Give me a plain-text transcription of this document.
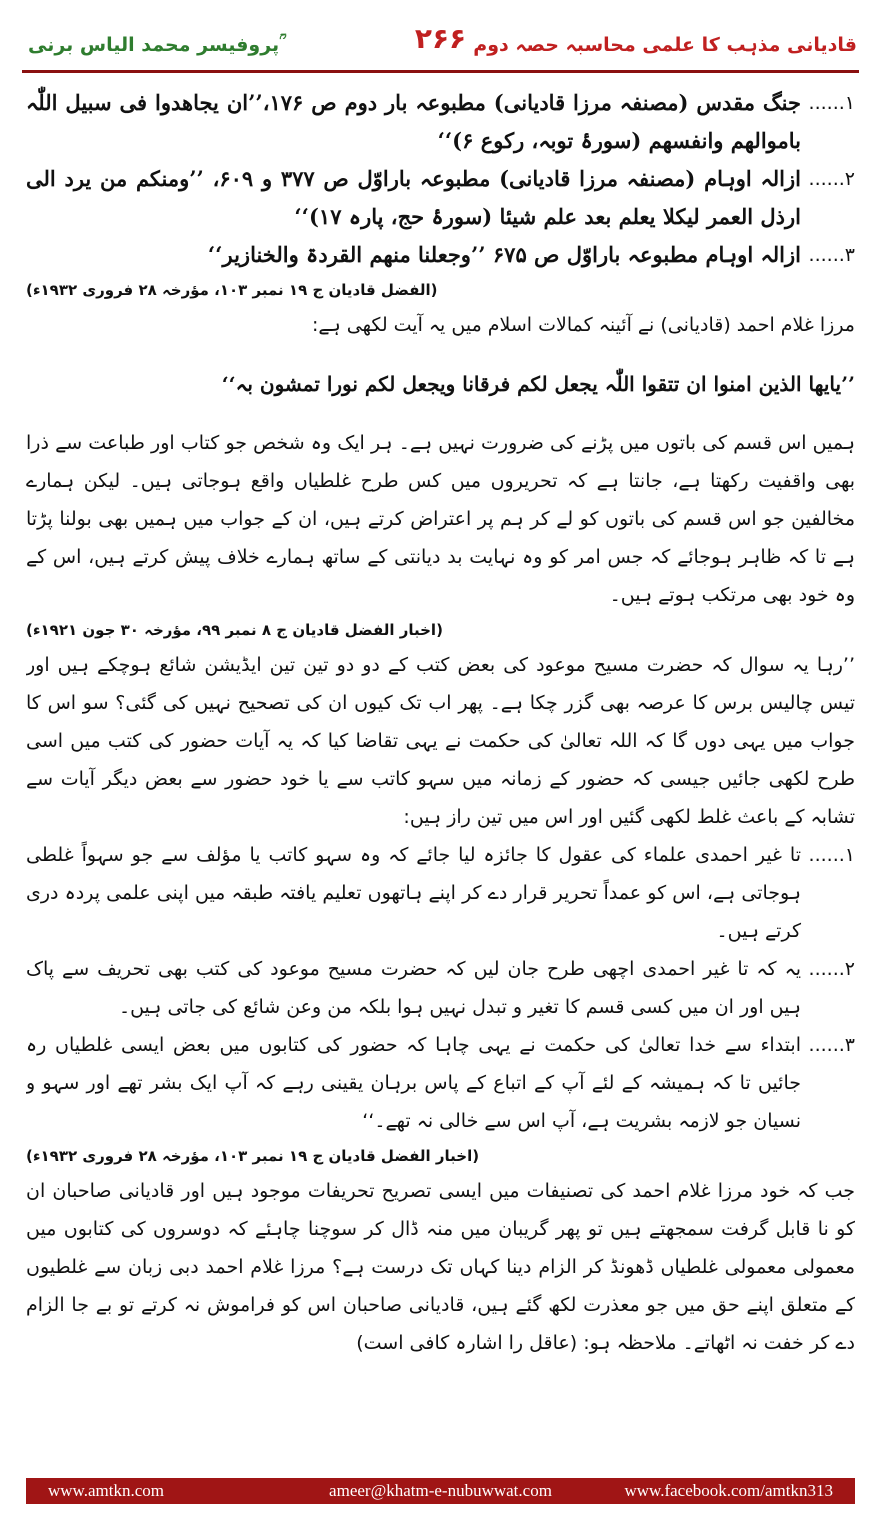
پروفیسر محمد الیاس برنی ؒ	۲۶۶ قادیانی مذہب کا علمی محاسبہ حصہ دوم
۱......
جنگ مقدس (مصنفہ مرزا قادیانی) مطبوعہ بار دوم ص ۱۷۶،’’ان یجاھدوا فی سبیل اللّٰہ باموالھم وانفسھم (سورۂ توبہ، رکوع ۶)‘‘
۲......
ازالہ اوہام (مصنفہ مرزا قادیانی) مطبوعہ باراوّل ص ۳۷۷ و ۶۰۹، ’’ومنکم من یرد الی ارذل العمر لیکلا یعلم بعد علم شیئا (سورۂ حج، پارہ ۱۷)‘‘
۳......
ازالہ اوہام مطبوعہ باراوّل ص ۶۷۵ ’’وجعلنا منھم القردۃ والخنازیر‘‘
(الفضل قادیان ج ۱۹ نمبر ۱۰۳، مؤرخہ ۲۸ فروری ۱۹۳۲ء)

مرزا غلام احمد (قادیانی) نے آئینہ کمالات اسلام میں یہ آیت لکھی ہے:

’’یایھا الذین امنوا ان تتقوا اللّٰہ یجعل لکم فرقانا ویجعل لکم نورا تمشون بہ‘‘

ہمیں اس قسم کی باتوں میں پڑنے کی ضرورت نہیں ہے۔ ہر ایک وہ شخص جو کتاب اور طباعت سے ذرا بھی واقفیت رکھتا ہے، جانتا ہے کہ تحریروں میں کس طرح غلطیاں واقع ہوجاتی ہیں۔ لیکن ہمارے مخالفین جو اس قسم کی باتوں کو لے کر ہم پر اعتراض کرتے ہیں، ان کے جواب میں ہمیں بھی بولنا پڑتا ہے تا کہ ظاہر ہوجائے کہ جس امر کو وہ نہایت بد دیانتی کے ساتھ ہمارے خلاف پیش کرتے ہیں، اس کے وہ خود بھی مرتکب ہوتے ہیں۔

(اخبار الفضل قادیان ج ۸ نمبر ۹۹، مؤرخہ ۳۰ جون ۱۹۲۱ء)

’’رہا یہ سوال کہ حضرت مسیح موعود کی بعض کتب کے دو دو تین تین ایڈیشن شائع ہوچکے ہیں اور تیس چالیس برس کا عرصہ بھی گزر چکا ہے۔ پھر اب تک کیوں ان کی تصحیح نہیں کی گئی؟ سو اس کا جواب میں یہی دوں گا کہ اللہ تعالیٰ کی حکمت نے یہی تقاضا کیا کہ یہ آیات حضور کی کتب میں اسی طرح لکھی جائیں جیسی کہ حضور کے زمانہ میں سہو کاتب سے یا خود حضور سے بعض دیگر آیات سے تشابہ کے باعث غلط لکھی گئیں اور اس میں تین راز ہیں:

۱......
تا غیر احمدی علماء کی عقول کا جائزہ لیا جائے کہ وہ سہو کاتب یا مؤلف سے جو سہواً غلطی ہوجاتی ہے، اس کو عمداً تحریر قرار دے کر اپنے ہاتھوں تعلیم یافتہ طبقہ میں اپنی علمی پردہ دری کرتے ہیں۔
۲......
یہ کہ تا غیر احمدی اچھی طرح جان لیں کہ حضرت مسیح موعود کی کتب بھی تحریف سے پاک ہیں اور ان میں کسی قسم کا تغیر و تبدل نہیں ہوا بلکہ من وعن شائع کی جاتی ہیں۔
۳......
ابتداء سے خدا تعالیٰ کی حکمت نے یہی چاہا کہ حضور کی کتابوں میں بعض ایسی غلطیاں رہ جائیں تا کہ ہمیشہ کے لئے آپ کے اتباع کے پاس برہان یقینی رہے کہ آپ ایک بشر تھے اور سہو و نسیان جو لازمہ بشریت ہے، آپ اس سے خالی نہ تھے۔‘‘
(اخبار الفضل قادیان ج ۱۹ نمبر ۱۰۳، مؤرخہ ۲۸ فروری ۱۹۳۲ء)

جب کہ خود مرزا غلام احمد کی تصنیفات میں ایسی تصریح تحریفات موجود ہیں اور قادیانی صاحبان ان کو نا قابل گرفت سمجھتے ہیں تو پھر گریبان میں منہ ڈال کر سوچنا چاہئے کہ دوسروں کی کتابوں میں معمولی معمولی غلطیاں ڈھونڈ کر الزام دینا کہاں تک درست ہے؟ مرزا غلام احمد دبی زبان سے غلطیوں کے متعلق اپنے حق میں جو معذرت لکھ گئے ہیں، قادیانی صاحبان اس کو فراموش نہ کرتے تو بے جا الزام دے کر خفت نہ اٹھاتے۔ ملاحظہ ہو: (عاقل را اشارہ کافی است)

www.amtkn.com	ameer@khatm-e-nubuwwat.com	www.facebook.com/amtkn313
